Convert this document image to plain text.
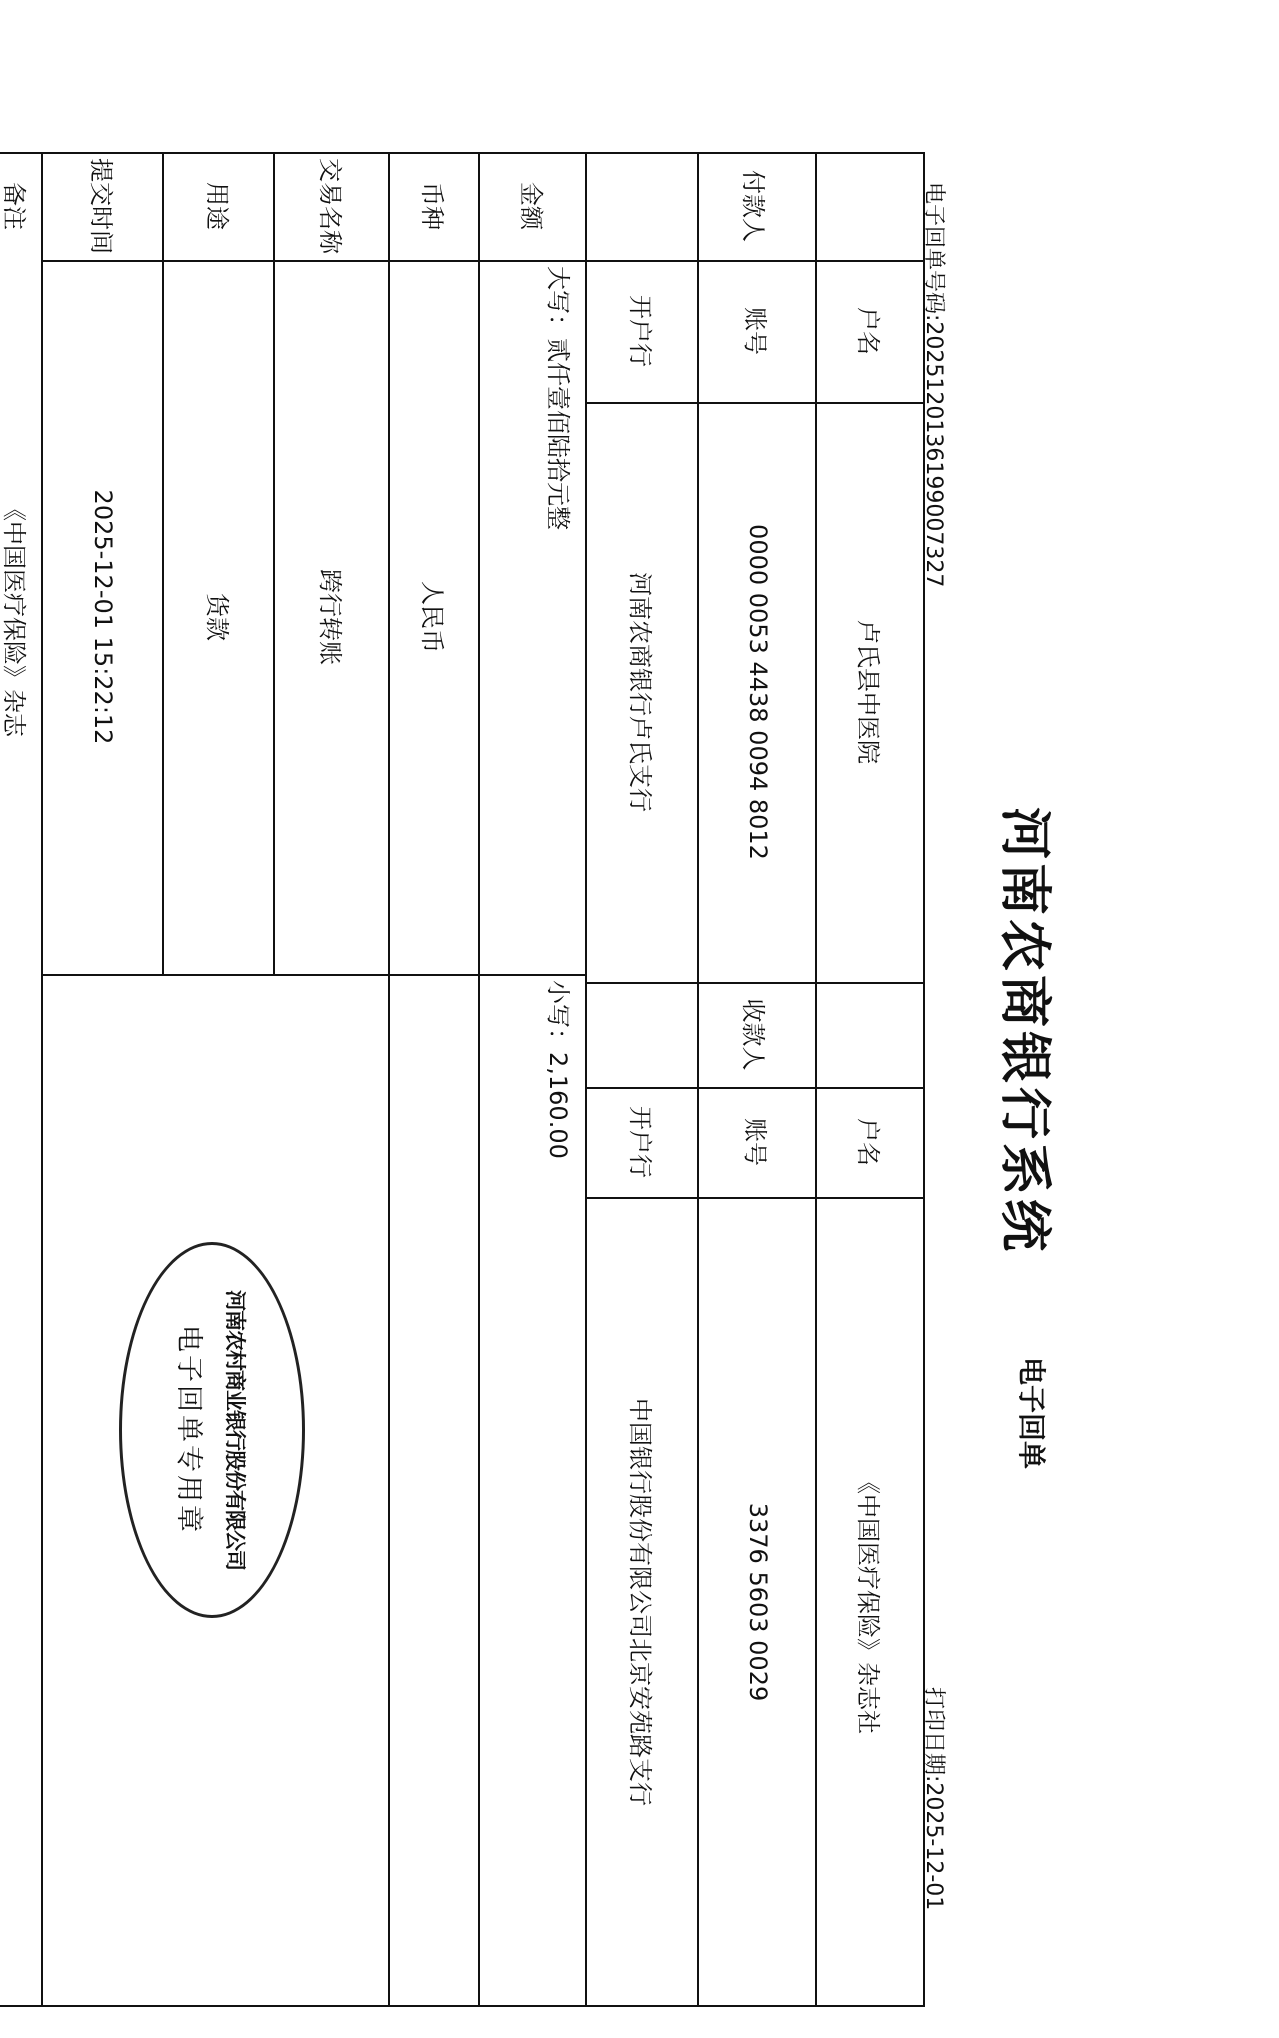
河南农商银行系统
电子回单
电子回单号码:2025120136199007327
打印日期:2025-12-01
付款人
户名
卢氏县中医院
账号
0000 0053 4438 0094 8012
开户行
河南农商银行卢氏支行
收款人
户名
《中国医疗保险》杂志社
账号
3376 5603 0029
开户行
中国银行股份有限公司北京安苑路支行
金额
大写：贰仟壹佰陆拾元整
小写：2,160.00
币种
人民币
交易名称
跨行转账
用途
货款
提交时间
2025-12-01 15:22:12
备注
《中国医疗保险》杂志
河南农村商业银行股份有限公司
电子回单专用章
